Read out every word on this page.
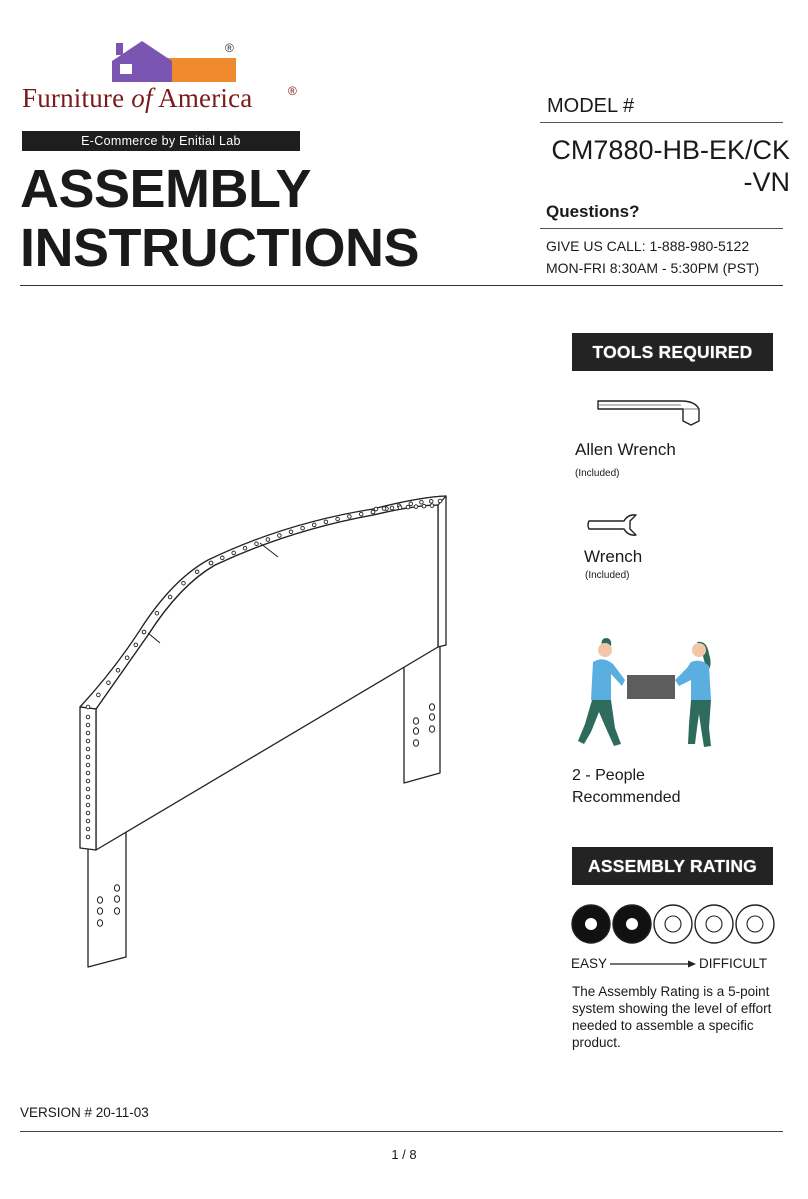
®
Furniture of America	®
E-Commerce by Enitial Lab
ASSEMBLY
INSTRUCTIONS
MODEL #
CM7880-HB-EK/CK
-VN
Questions?
GIVE US CALL: 1-888-980-5122
MON-FRI 8:30AM - 5:30PM (PST)
TOOLS REQUIRED
Allen Wrench
(Included)
Wrench
(Included)
2 - People
Recommended
ASSEMBLY RATING
EASY	DIFFICULT
The Assembly Rating is a 5-point system showing the level of effort needed to assemble a specific product.
VERSION # 20-11-03
1 / 8
